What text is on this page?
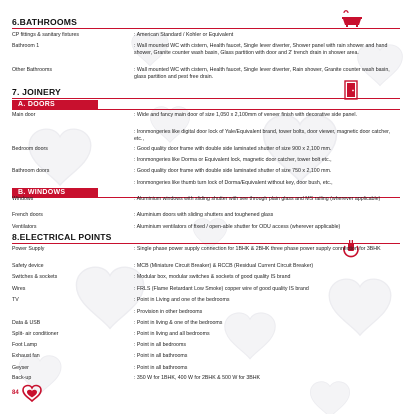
6.BATHROOMS
CP fittings & sanitary fixtures	: American Standard / Kohler or Equivalent
Bathroom 1	: Wall mounted WC with cistern, Health faucet, Single lever diverter, Shower panel with rain shower and hand shower, Granite counter wash basin, Glass partition with door and 2' trench drain in shower area.
Other Bathrooms	: Wall mounted WC with cistern, Health faucet, Single lever diverter, Rain shower, Granite counter wash basin, glass partition and pest free drain.
7. JOINERY
A. DOORS
Main door	: Wide and fancy main door of size 1,050 x 2,100mm of veneer finish with decorative side panel.
: Ironmongeries like digital door lock of Yale/Equivalent brand, tower bolts, door viewer, magnetic door catcher, etc.,
Bedroom doors	: Good quality door frame with double side laminated shutter of size 900 x 2,100 mm.
: Ironmongeries like Dorma or Equivalent lock, magnetic door catcher, tower bolt etc.,
Bathroom doors	: Good quality door frame with double side laminated shutter of size 750 x 2,100 mm.
: Ironmongeries like thumb turn lock of Dorma/Equivalent without key, door bush, etc.,
B. WINDOWS
Windows	: Aluminium windows with sliding shutter with see through plain glass and MS railing (wherever applicable)
French doors	: Aluminium doors with sliding shutters and toughened glass
Ventilators	: Aluminium ventilators of fixed / open-able shutter for ODU access (wherever applicable)
8.ELECTRICAL POINTS
Power Supply	: Single phase power supply connection for 1BHK & 2BHK three phase power supply connection for 3BHK
Safety device	: MCB (Miniature Circuit Breaker) & RCCB (Residual Current Circuit Breaker)
Switches & sockets	: Modular box, modular switches & sockets of good quality IS brand
Wires	: FRLS (Flame Retardant Low Smoke) copper wire of good quality IS brand
TV	: Point in Living and one of the bedrooms
: Provision in other bedrooms
Data & USB	: Point in living & one of the bedrooms
Split- air conditioner	: Point in living and all bedrooms
Foot Lamp	: Point in all bedrooms
Exhaust fan	: Point in all bathrooms
Geyser	: Point in all bathrooms
Back-up	: 350 W for 1BHK, 400 W for 2BHK & 500 W for 3BHK
84
